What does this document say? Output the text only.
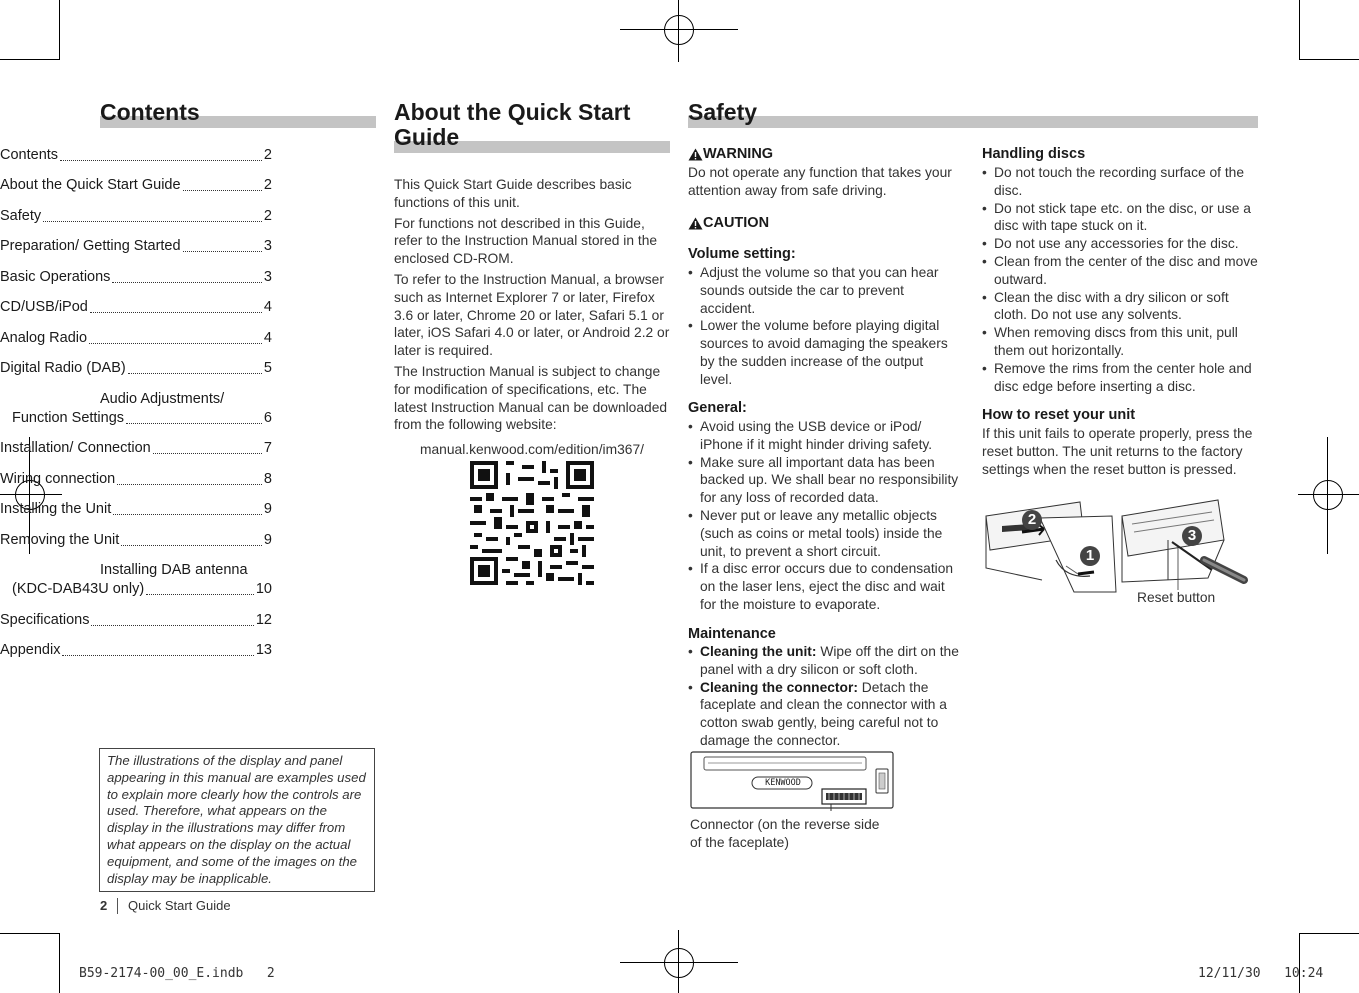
Contents
Contents	2
About the Quick Start Guide	2
Safety	2
Preparation/ Getting Started	3
Basic Operations	3
CD/USB/iPod	4
Analog Radio	4
Digital Radio (DAB)	5
Audio Adjustments/
Function Settings	6
Installation/ Connection	7
Wiring connection	8
Installing the Unit	9
Removing the Unit	9
Installing DAB antenna
(KDC-DAB43U only)	10
Specifications	12
Appendix	13
The illustrations of the display and panel appearing in this manual are examples used to explain more clearly how the controls are used. Therefore, what appears on the display in the illustrations may differ from what appears on the display on the actual equipment, and some of the images on the display may be inapplicable.
About the Quick Start
Guide

This Quick Start Guide describes basic functions of this unit.

For functions not described in this Guide, refer to the Instruction Manual stored in the enclosed CD-ROM.

To refer to the Instruction Manual, a browser such as Internet Explorer 7 or later, Firefox 3.6 or later, Chrome 20 or later, Safari 5.1 or later, iOS Safari 4.0 or later, or Android 2.2 or later is required.

The Instruction Manual is subject to change for modification of specifications, etc. The latest Instruction Manual can be downloaded from the following website:

manual.kenwood.com/edition/im367/
Safety
WARNING
Do not operate any function that takes your attention away from safe driving.
CAUTION
Volume setting:
• Adjust the volume so that you can hear sounds outside the car to prevent accident.
• Lower the volume before playing digital sources to avoid damaging the speakers by the sudden increase of the output level.
General:
• Avoid using the USB device or iPod/ iPhone if it might hinder driving safety.
• Make sure all important data has been backed up. We shall bear no responsibility for any loss of recorded data.
• Never put or leave any metallic objects (such as coins or metal tools) inside the unit, to prevent a short circuit.
• If a disc error occurs due to condensation on the laser lens, eject the disc and wait for the moisture to evaporate.
Maintenance
• Cleaning the unit: Wipe off the dirt on the panel with a dry silicon or soft cloth.
• Cleaning the connector: Detach the faceplate and clean the connector with a cotton swab gently, being careful not to damage the connector.
KENWOOD
Connector (on the reverse side of the faceplate)
Handling discs
• Do not touch the recording surface of the disc.
• Do not stick tape etc. on the disc, or use a disc with tape stuck on it.
• Do not use any accessories for the disc.
• Clean from the center of the disc and move outward.
• Clean the disc with a dry silicon or soft cloth. Do not use any solvents.
• When removing discs from this unit, pull them out horizontally.
• Remove the rims from the center hole and disc edge before inserting a disc.
How to reset your unit
If this unit fails to operate properly, press the reset button. The unit returns to the factory settings when the reset button is pressed.
2
1
3
Reset button
2 Quick Start Guide
B59-2174-00_00_E.indb   2	12/11/30   10:24
